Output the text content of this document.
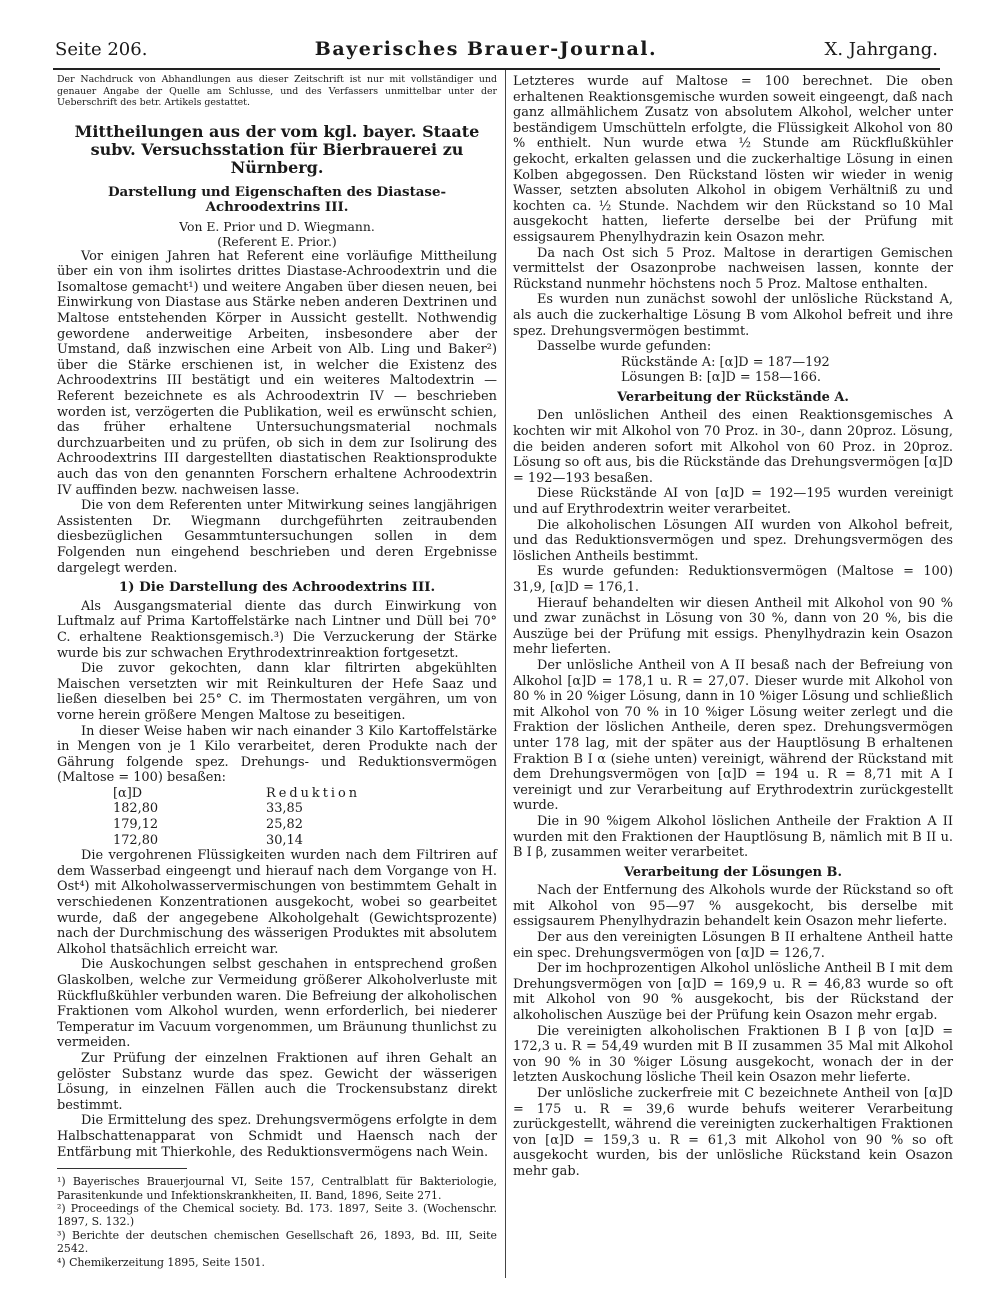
Seite 206.	Bayerisches Brauer-Journal.	X. Jahrgang.

Der Nachdruck von Abhandlungen aus dieser Zeitschrift ist nur mit vollständiger und genauer Angabe der Quelle am Schlusse, und des Verfassers unmittelbar unter der Ueberschrift des betr. Artikels gestattet.

Mittheilungen aus der vom kgl. bayer. Staate subv. Versuchsstation für Bierbrauerei zu Nürnberg.
Darstellung und Eigenschaften des Diastase-Achroodextrins III.
Von E. Prior und D. Wiegmann.
(Referent E. Prior.)

Vor einigen Jahren hat Referent eine vorläufige Mittheilung über ein von ihm isolirtes drittes Diastase-Achroodextrin und die Isomaltose gemacht¹) und weitere Angaben über diesen neuen, bei Einwirkung von Diastase aus Stärke neben anderen Dextrinen und Maltose entstehenden Körper in Aussicht gestellt. Nothwendig gewordene anderweitige Arbeiten, insbesondere aber der Umstand, daß inzwischen eine Arbeit von Alb. Ling und Baker²) über die Stärke erschienen ist, in welcher die Existenz des Achroodextrins III bestätigt und ein weiteres Maltodextrin — Referent bezeichnete es als Achroodextrin IV — beschrieben worden ist, verzögerten die Publikation, weil es erwünscht schien, das früher erhaltene Untersuchungsmaterial nochmals durchzuarbeiten und zu prüfen, ob sich in dem zur Isolirung des Achroodextrins III dargestellten diastatischen Reaktionsprodukte auch das von den genannten Forschern erhaltene Achroodextrin IV auffinden bezw. nachweisen lasse.

Die von dem Referenten unter Mitwirkung seines langjährigen Assistenten Dr. Wiegmann durchgeführten zeitraubenden diesbezüglichen Gesammtuntersuchungen sollen in dem Folgenden nun eingehend beschrieben und deren Ergebnisse dargelegt werden.

1) Die Darstellung des Achroodextrins III.

Als Ausgangsmaterial diente das durch Einwirkung von Luftmalz auf Prima Kartoffelstärke nach Lintner und Düll bei 70° C. erhaltene Reaktionsgemisch.³) Die Verzuckerung der Stärke wurde bis zur schwachen Erythrodextrinreaktion fortgesetzt.

Die zuvor gekochten, dann klar filtrirten abgekühlten Maischen versetzten wir mit Reinkulturen der Hefe Saaz und ließen dieselben bei 25° C. im Thermostaten vergähren, um von vorne herein größere Mengen Maltose zu beseitigen.

In dieser Weise haben wir nach einander 3 Kilo Kartoffelstärke in Mengen von je 1 Kilo verarbeitet, deren Produkte nach der Gährung folgende spez. Drehungs- und Reduktionsvermögen (Maltose = 100) besaßen:

[α]D	Reduktion
182,80	33,85
179,12	25,82
172,80	30,14

Die vergohrenen Flüssigkeiten wurden nach dem Filtriren auf dem Wasserbad eingeengt und hierauf nach dem Vorgange von H. Ost⁴) mit Alkoholwasservermischungen von bestimmtem Gehalt in verschiedenen Konzentrationen ausgekocht, wobei so gearbeitet wurde, daß der angegebene Alkoholgehalt (Gewichtsprozente) nach der Durchmischung des wässerigen Produktes mit absolutem Alkohol thatsächlich erreicht war.

Die Auskochungen selbst geschahen in entsprechend großen Glaskolben, welche zur Vermeidung größerer Alkoholverluste mit Rückflußkühler verbunden waren. Die Befreiung der alkoholischen Fraktionen vom Alkohol wurden, wenn erforderlich, bei niederer Temperatur im Vacuum vorgenommen, um Bräunung thunlichst zu vermeiden.

Zur Prüfung der einzelnen Fraktionen auf ihren Gehalt an gelöster Substanz wurde das spez. Gewicht der wässerigen Lösung, in einzelnen Fällen auch die Trockensubstanz direkt bestimmt.

Die Ermittelung des spez. Drehungsvermögens erfolgte in dem Halbschattenapparat von Schmidt und Haensch nach der Entfärbung mit Thierkohle, des Reduktionsvermögens nach Wein.

¹) Bayerisches Brauerjournal VI, Seite 157, Centralblatt für Bakteriologie, Parasitenkunde und Infektionskrankheiten, II. Band, 1896, Seite 271.

²) Proceedings of the Chemical society. Bd. 173. 1897, Seite 3. (Wochenschr. 1897, S. 132.)

³) Berichte der deutschen chemischen Gesellschaft 26, 1893, Bd. III, Seite 2542.

⁴) Chemikerzeitung 1895, Seite 1501.

Letzteres wurde auf Maltose = 100 berechnet. Die oben erhaltenen Reaktionsgemische wurden soweit eingeengt, daß nach ganz allmählichem Zusatz von absolutem Alkohol, welcher unter beständigem Umschütteln erfolgte, die Flüssigkeit Alkohol von 80 % enthielt. Nun wurde etwa ½ Stunde am Rückflußkühler gekocht, erkalten gelassen und die zuckerhaltige Lösung in einen Kolben abgegossen. Den Rückstand lösten wir wieder in wenig Wasser, setzten absoluten Alkohol in obigem Verhältniß zu und kochten ca. ½ Stunde. Nachdem wir den Rückstand so 10 Mal ausgekocht hatten, lieferte derselbe bei der Prüfung mit essigsaurem Phenylhydrazin kein Osazon mehr.

Da nach Ost sich 5 Proz. Maltose in derartigen Gemischen vermittelst der Osazonprobe nachweisen lassen, konnte der Rückstand nunmehr höchstens noch 5 Proz. Maltose enthalten.

Es wurden nun zunächst sowohl der unlösliche Rückstand A, als auch die zuckerhaltige Lösung B vom Alkohol befreit und ihre spez. Drehungsvermögen bestimmt.

Dasselbe wurde gefunden:

Rückstände A: [α]D = 187—192

Lösungen B: [α]D = 158—166.

Verarbeitung der Rückstände A.

Den unlöslichen Antheil des einen Reaktionsgemisches A kochten wir mit Alkohol von 70 Proz. in 30-, dann 20proz. Lösung, die beiden anderen sofort mit Alkohol von 60 Proz. in 20proz. Lösung so oft aus, bis die Rückstände das Drehungsvermögen [α]D = 192—193 besaßen.

Diese Rückstände AI von [α]D = 192—195 wurden vereinigt und auf Erythrodextrin weiter verarbeitet.

Die alkoholischen Lösungen AII wurden von Alkohol befreit, und das Reduktionsvermögen und spez. Drehungsvermögen des löslichen Antheils bestimmt.

Es wurde gefunden: Reduktionsvermögen (Maltose = 100) 31,9, [α]D = 176,1.

Hierauf behandelten wir diesen Antheil mit Alkohol von 90 % und zwar zunächst in Lösung von 30 %, dann von 20 %, bis die Auszüge bei der Prüfung mit essigs. Phenylhydrazin kein Osazon mehr lieferten.

Der unlösliche Antheil von A II besaß nach der Befreiung von Alkohol [α]D = 178,1 u. R = 27,07. Dieser wurde mit Alkohol von 80 % in 20 %iger Lösung, dann in 10 %iger Lösung und schließlich mit Alkohol von 70 % in 10 %iger Lösung weiter zerlegt und die Fraktion der löslichen Antheile, deren spez. Drehungsvermögen unter 178 lag, mit der später aus der Hauptlösung B erhaltenen Fraktion B I α (siehe unten) vereinigt, während der Rückstand mit dem Drehungsvermögen von [α]D = 194 u. R = 8,71 mit A I vereinigt und zur Verarbeitung auf Erythrodextrin zurückgestellt wurde.

Die in 90 %igem Alkohol löslichen Antheile der Fraktion A II wurden mit den Fraktionen der Hauptlösung B, nämlich mit B II u. B I β, zusammen weiter verarbeitet.

Verarbeitung der Lösungen B.

Nach der Entfernung des Alkohols wurde der Rückstand so oft mit Alkohol von 95—97 % ausgekocht, bis derselbe mit essigsaurem Phenylhydrazin behandelt kein Osazon mehr lieferte.

Der aus den vereinigten Lösungen B II erhaltene Antheil hatte ein spec. Drehungsvermögen von [α]D = 126,7.

Der im hochprozentigen Alkohol unlösliche Antheil B I mit dem Drehungsvermögen von [α]D = 169,9 u. R = 46,83 wurde so oft mit Alkohol von 90 % ausgekocht, bis der Rückstand der alkoholischen Auszüge bei der Prüfung kein Osazon mehr ergab.

Die vereinigten alkoholischen Fraktionen B I β von [α]D = 172,3 u. R = 54,49 wurden mit B II zusammen 35 Mal mit Alkohol von 90 % in 30 %iger Lösung ausgekocht, wonach der in der letzten Auskochung lösliche Theil kein Osazon mehr lieferte.

Der unlösliche zuckerfreie mit C bezeichnete Antheil von [α]D = 175 u. R = 39,6 wurde behufs weiterer Verarbeitung zurückgestellt, während die vereinigten zuckerhaltigen Fraktionen von [α]D = 159,3 u. R = 61,3 mit Alkohol von 90 % so oft ausgekocht wurden, bis der unlösliche Rückstand kein Osazon mehr gab.
